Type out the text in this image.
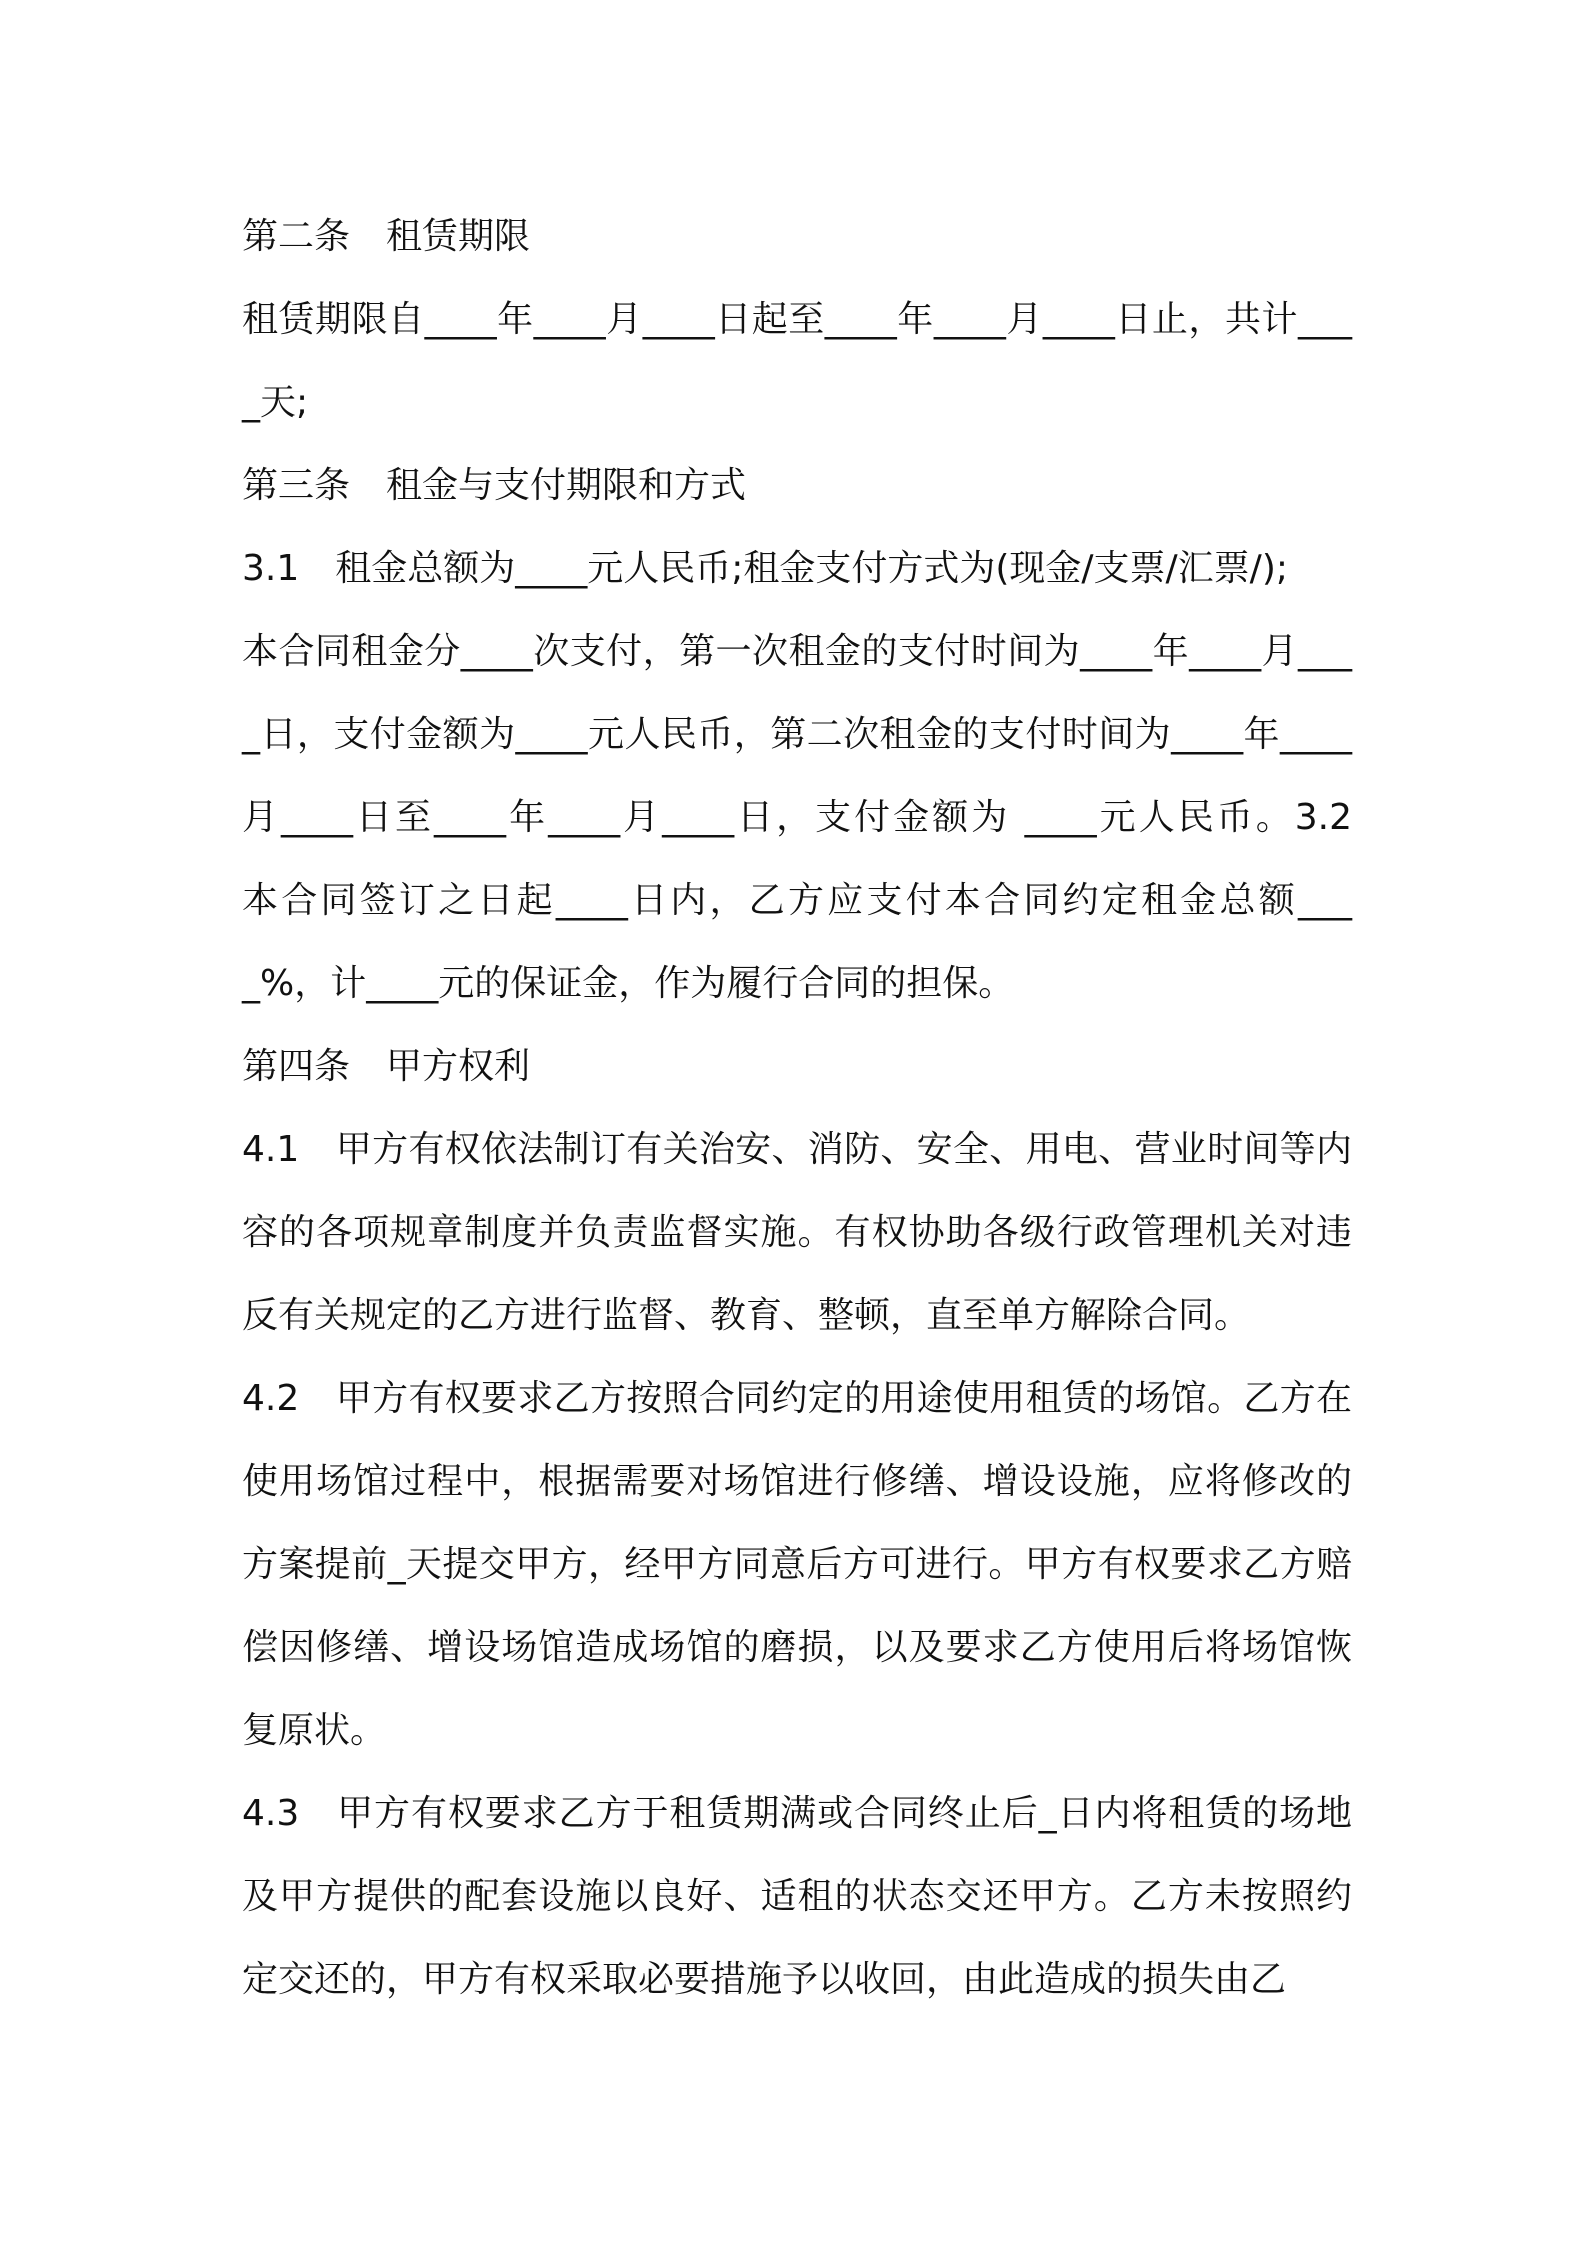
第二条　租赁期限

租赁期限自____年____月____日起至____年____月____日止，共计____天;

第三条　租金与支付期限和方式

3.1　租金总额为____元人民币;租金支付方式为(现金/支票/汇票/);

本合同租金分____次支付，第一次租金的支付时间为____年____月____日，支付金额为____元人民币，第二次租金的支付时间为____年____月____日至____年____月____日，支付金额为 ____元人民币。3.2　本合同签订之日起____日内，乙方应支付本合同约定租金总额____%，计____元的保证金，作为履行合同的担保。

第四条　甲方权利

4.1　甲方有权依法制订有关治安、消防、安全、用电、营业时间等内容的各项规章制度并负责监督实施。有权协助各级行政管理机关对违反有关规定的乙方进行监督、教育、整顿，直至单方解除合同。

4.2　甲方有权要求乙方按照合同约定的用途使用租赁的场馆。乙方在使用场馆过程中，根据需要对场馆进行修缮、增设设施，应将修改的方案提前_天提交甲方，经甲方同意后方可进行。甲方有权要求乙方赔偿因修缮、增设场馆造成场馆的磨损，以及要求乙方使用后将场馆恢复原状。

4.3　甲方有权要求乙方于租赁期满或合同终止后_日内将租赁的场地及甲方提供的配套设施以良好、适租的状态交还甲方。乙方未按照约定交还的，甲方有权采取必要措施予以收回，由此造成的损失由乙
